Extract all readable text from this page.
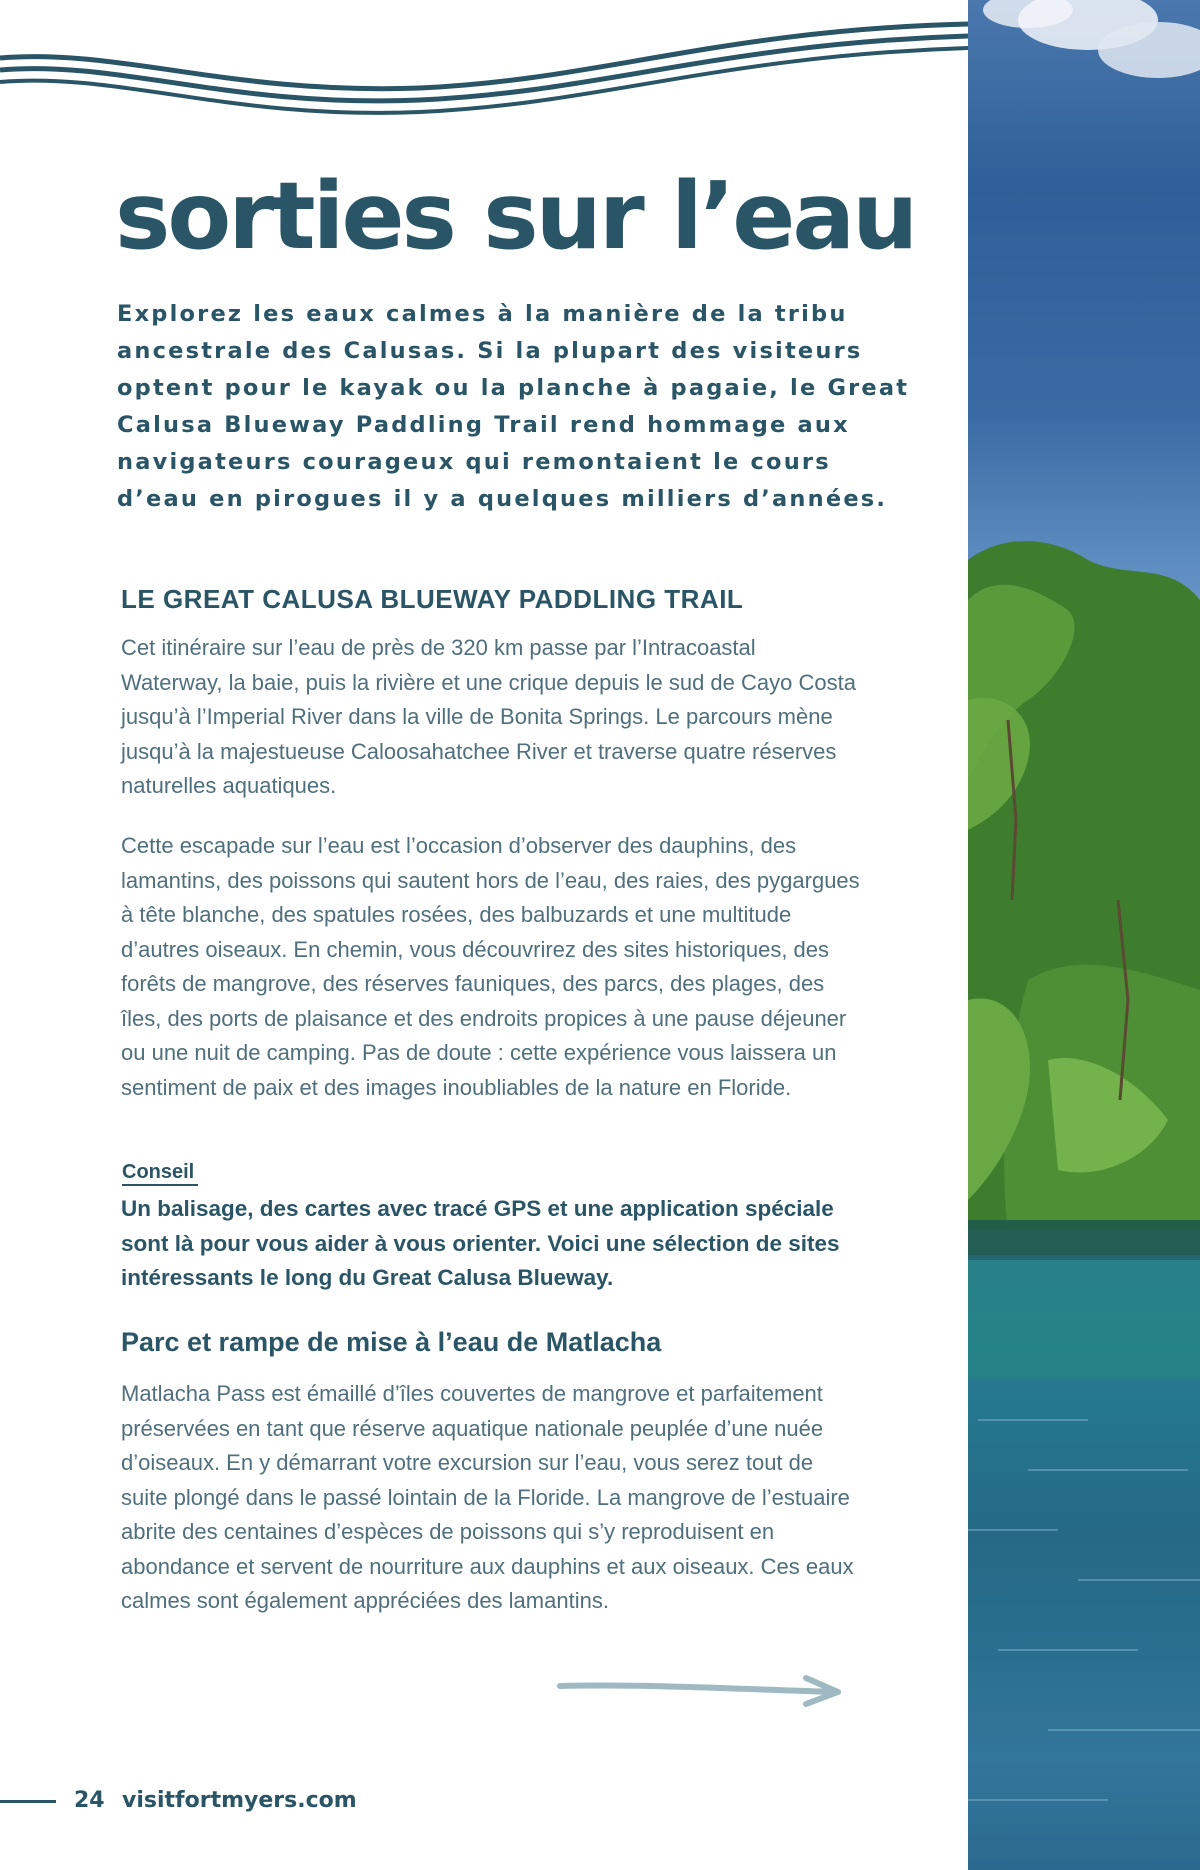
sorties sur l’eau

Explorez les eaux calmes à la manière de la tribu ancestrale des Calusas. Si la plupart des visiteurs optent pour le kayak ou la planche à pagaie, le Great Calusa Blueway Paddling Trail rend hommage aux navigateurs courageux qui remontaient le cours d’eau en pirogues il y a quelques milliers d’années.

LE GREAT CALUSA BLUEWAY PADDLING TRAIL

Cet itinéraire sur l’eau de près de 320 km passe par l’Intracoastal Waterway, la baie, puis la rivière et une crique depuis le sud de Cayo Costa jusqu’à l’Imperial River dans la ville de Bonita Springs. Le parcours mène jusqu’à la majestueuse Caloosahatchee River et traverse quatre réserves naturelles aquatiques.

Cette escapade sur l’eau est l’occasion d’observer des dauphins, des lamantins, des poissons qui sautent hors de l’eau, des raies, des pygargues à tête blanche, des spatules rosées, des balbuzards et une multitude d’autres oiseaux. En chemin, vous découvrirez des sites historiques, des forêts de mangrove, des réserves fauniques, des parcs, des plages, des îles, des ports de plaisance et des endroits propices à une pause déjeuner ou une nuit de camping. Pas de doute : cette expérience vous laissera un sentiment de paix et des images inoubliables de la nature en Floride.

Conseil

Un balisage, des cartes avec tracé GPS et une application spéciale sont là pour vous aider à vous orienter. Voici une sélection de sites intéressants le long du Great Calusa Blueway.

Parc et rampe de mise à l’eau de Matlacha

Matlacha Pass est émaillé d’îles couvertes de mangrove et parfaitement préservées en tant que réserve aquatique nationale peuplée d’une nuée d’oiseaux. En y démarrant votre excursion sur l’eau, vous serez tout de suite plongé dans le passé lointain de la Floride. La mangrove de l’estuaire abrite des centaines d’espèces de poissons qui s’y reproduisent en abondance et servent de nourriture aux dauphins et aux oiseaux. Ces eaux calmes sont également appréciées des lamantins.

24 visitfortmyers.com
